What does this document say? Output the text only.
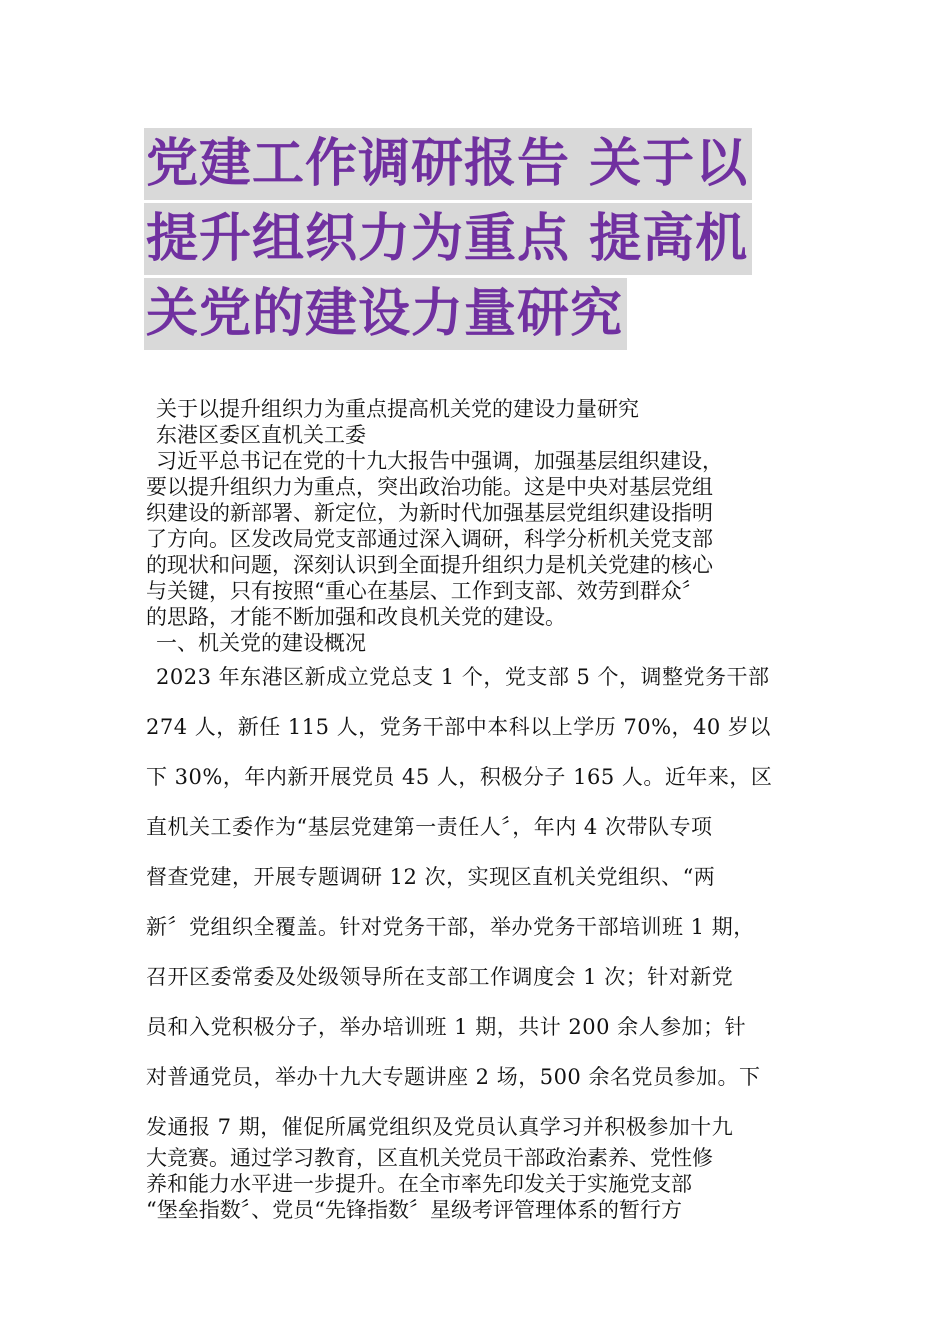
党建工作调研报告 关于以
提升组织力为重点 提高机
关党的建设力量研究
关于以提升组织力为重点提高机关党的建设力量研究
东港区委区直机关工委
习近平总书记在党的十九大报告中强调，加强基层组织建设，
要以提升组织力为重点，突出政治功能。这是中央对基层党组
织建设的新部署、新定位，为新时代加强基层党组织建设指明
了方向。区发改局党支部通过深入调研，科学分析机关党支部
的现状和问题，深刻认识到全面提升组织力是机关党建的核心
与关键，只有按照“重心在基层、工作到支部、效劳到群众〞
的思路，才能不断加强和改良机关党的建设。
一、机关党的建设概况
2023 年东港区新成立党总支 1 个，党支部 5 个，调整党务干部
274 人，新任 115 人，党务干部中本科以上学历 70%，40 岁以
下 30%，年内新开展党员 45 人，积极分子 165 人。近年来，区
直机关工委作为“基层党建第一责任人〞，年内 4 次带队专项
督查党建，开展专题调研 12 次，实现区直机关党组织、“两
新〞党组织全覆盖。针对党务干部，举办党务干部培训班 1 期，
召开区委常委及处级领导所在支部工作调度会 1 次；针对新党
员和入党积极分子，举办培训班 1 期，共计 200 余人参加；针
对普通党员，举办十九大专题讲座 2 场，500 余名党员参加。下
发通报 7 期，催促所属党组织及党员认真学习并积极参加十九
大竞赛。通过学习教育，区直机关党员干部政治素养、党性修
养和能力水平进一步提升。在全市率先印发关于实施党支部
“堡垒指数〞、党员“先锋指数〞星级考评管理体系的暂行方
